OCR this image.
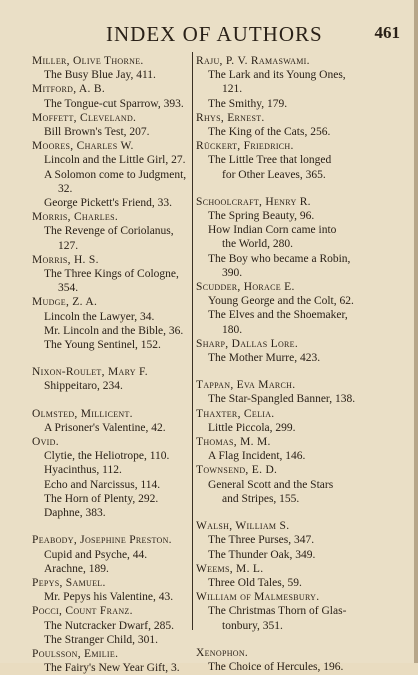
INDEX OF AUTHORS	461
Miller, Olive Thorne.
The Busy Blue Jay, 411.
Mitford, A. B.
The Tongue-cut Sparrow, 393.
Moffett, Cleveland.
Bill Brown's Test, 207.
Moores, Charles W.
Lincoln and the Little Girl, 27.
A Solomon come to Judgment,
32.
George Pickett's Friend, 33.
Morris, Charles.
The Revenge of Coriolanus,
127.
Morris, H. S.
The Three Kings of Cologne,
354.
Mudge, Z. A.
Lincoln the Lawyer, 34.
Mr. Lincoln and the Bible, 36.
The Young Sentinel, 152.
Nixon-Roulet, Mary F.
Shippeitaro, 234.
Olmsted, Millicent.
A Prisoner's Valentine, 42.
Ovid.
Clytie, the Heliotrope, 110.
Hyacinthus, 112.
Echo and Narcissus, 114.
The Horn of Plenty, 292.
Daphne, 383.
Peabody, Josephine Preston.
Cupid and Psyche, 44.
Arachne, 189.
Pepys, Samuel.
Mr. Pepys his Valentine, 43.
Pocci, Count Franz.
The Nutcracker Dwarf, 285.
The Stranger Child, 301.
Poulsson, Emilie.
The Fairy's New Year Gift, 3.
Raju, P. V. Ramaswami.
The Lark and its Young Ones,
121.
The Smithy, 179.
Rhys, Ernest.
The King of the Cats, 256.
Rückert, Friedrich.
The Little Tree that longed
for Other Leaves, 365.
Schoolcraft, Henry R.
The Spring Beauty, 96.
How Indian Corn came into
the World, 280.
The Boy who became a Robin,
390.
Scudder, Horace E.
Young George and the Colt, 62.
The Elves and the Shoemaker,
180.
Sharp, Dallas Lore.
The Mother Murre, 423.
Tappan, Eva March.
The Star-Spangled Banner, 138.
Thaxter, Celia.
Little Piccola, 299.
Thomas, M. M.
A Flag Incident, 146.
Townsend, E. D.
General Scott and the Stars
and Stripes, 155.
Walsh, William S.
The Three Purses, 347.
The Thunder Oak, 349.
Weems, M. L.
Three Old Tales, 59.
William of Malmesbury.
The Christmas Thorn of Glas-
tonbury, 351.
Xenophon.
The Choice of Hercules, 196.
